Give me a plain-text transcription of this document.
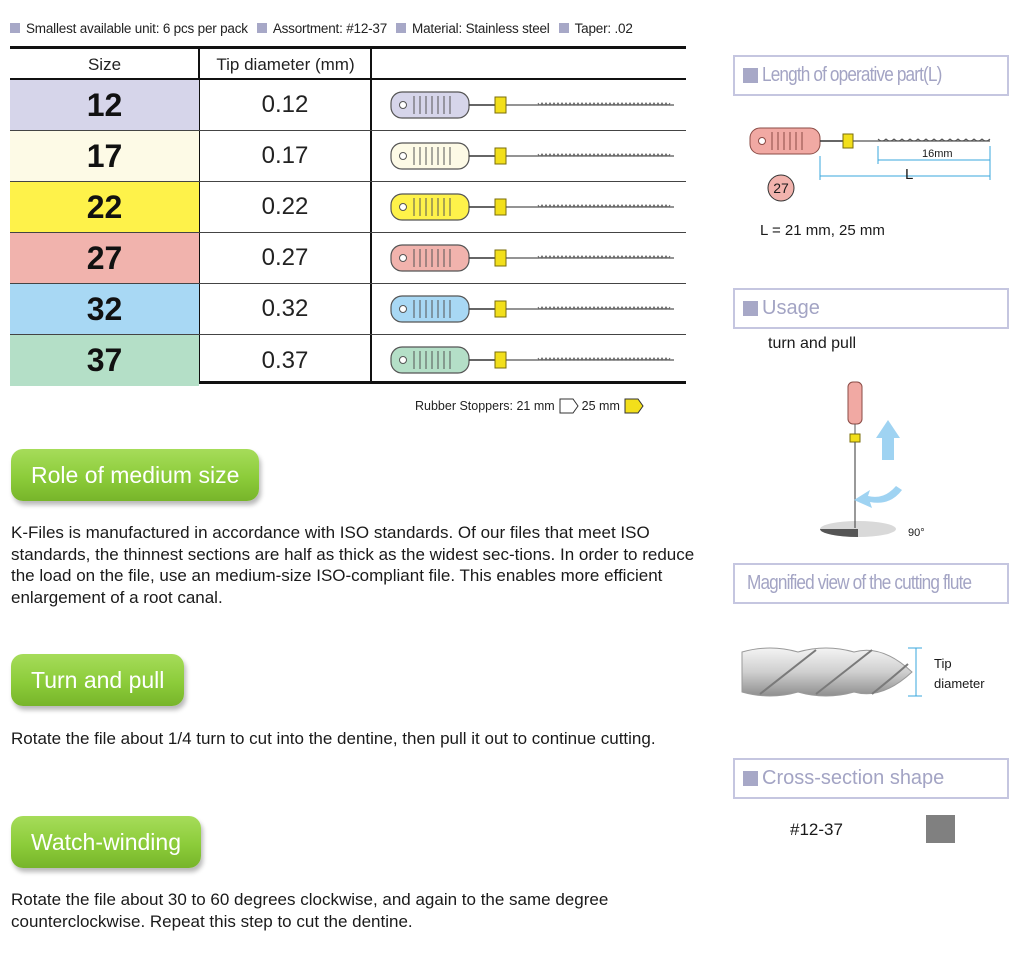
Smallest available unit: 6 pcs per pack Assortment: #12-37 Material: Stainless steel Taper: .02
Size	Tip diameter (mm)
12	0.12
17	0.17
22	0.22
27	0.27
32	0.32
37	0.37
Rubber Stoppers:
21 mm 25 mm
Role of medium size
K-Files is manufactured in accordance with ISO standards. Of our files that meet ISO standards, the thinnest sections are half as thick as the widest sec-tions. In order to reduce the load on the file, use an medium-size ISO-compliant file. This enables more efficient enlargement of a root canal.
Turn and pull
Rotate the file about 1/4 turn to cut into the dentine, then pull it out to continue cutting.
Watch-winding
Rotate the file about 30 to 60 degrees clockwise, and again to the same degree counterclockwise. Repeat this step to cut the dentine.
Length of operative part(L)
16mm
L
27
L = 21 mm, 25 mm
Usage
turn and pull
90°
Magnified view of the cutting flute
Tip
diameter
Cross-section shape
#12-37
